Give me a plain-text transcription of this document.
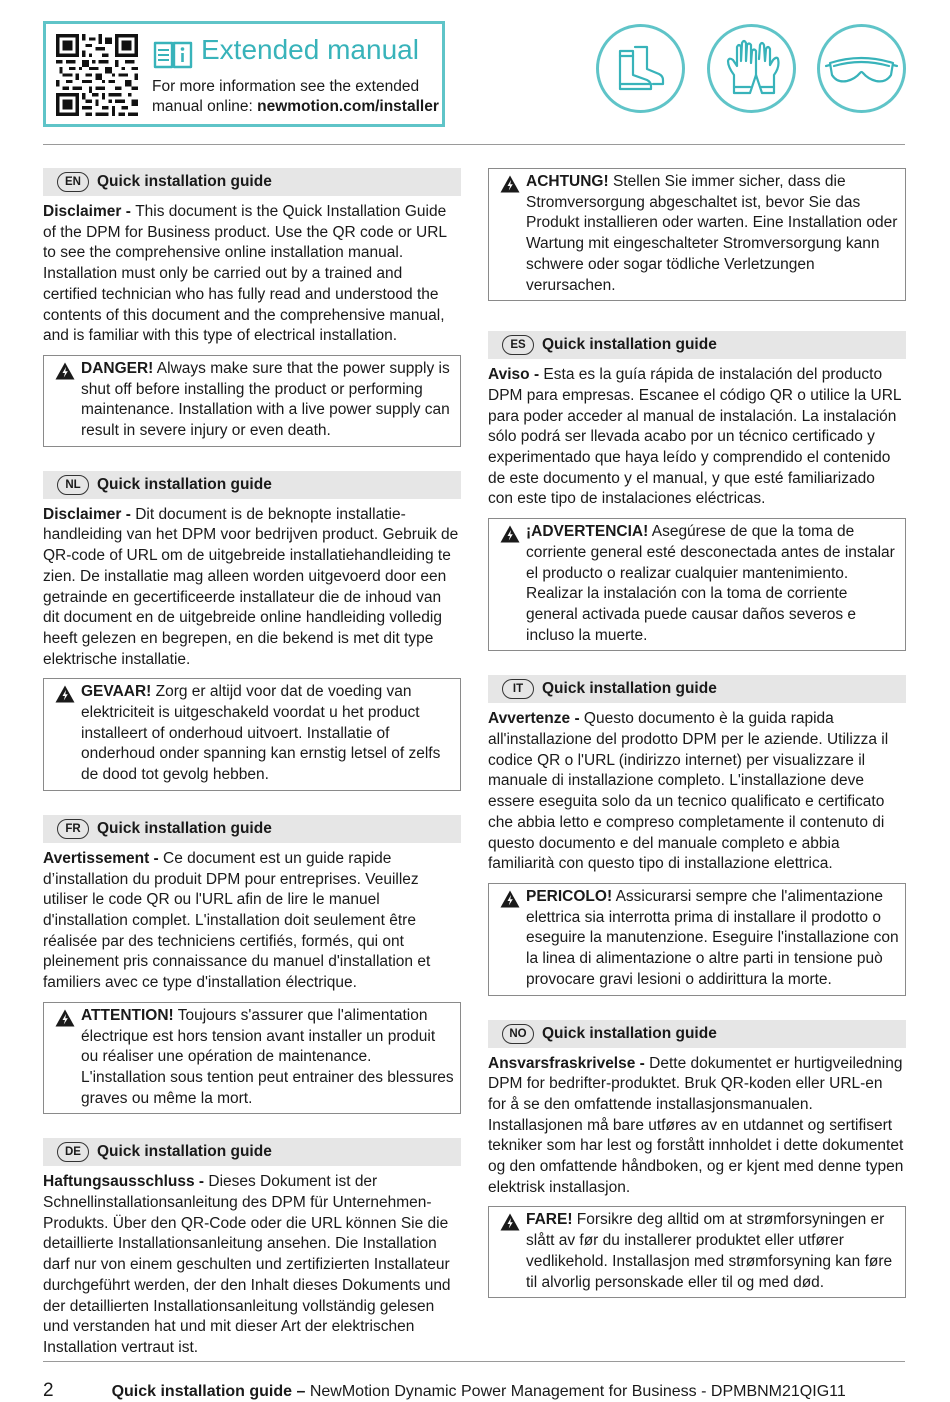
Extended manual
For more information see the extended
manual online: newmotion.com/installer
EN	Quick installation guide

Disclaimer - This document is the Quick Installation Guide of the DPM for Business product. Use the QR code or URL to see the comprehensive online installation manual. Installation must only be carried out by a trained and certified technician who has fully read and understood the contents of this document and the comprehensive manual, and is familiar with this type of electrical installation.

DANGER! Always make sure that the power supply is shut off before installing the product or performing maintenance. Installation with a live power supply can result in severe injury or even death.
NL	Quick installation guide

Disclaimer - Dit document is de beknopte installatie-handleiding van het DPM voor bedrijven product. Gebruik de QR-code of URL om de uitgebreide installatiehandleiding te zien. De installatie mag alleen worden uitgevoerd door een getrainde en gecertificeerde installateur die de inhoud van dit document en de uitgebreide online handleiding volledig heeft gelezen en begrepen, en die bekend is met dit type elektrische installatie.

GEVAAR! Zorg er altijd voor dat de voeding van elektriciteit is uitgeschakeld voordat u het product installeert of onderhoud uitvoert. Installatie of onderhoud onder spanning kan ernstig letsel of zelfs de dood tot gevolg hebben.
FR	Quick installation guide

Avertissement - Ce document est un guide rapide d’installation du produit DPM pour entreprises. Veuillez utiliser le code QR ou l'URL afin de lire le manuel d'installation complet. L'installation doit seulement être réalisée par des techniciens certifiés, formés, qui ont pleinement pris connaissance du manuel d'installation et familiers avec ce type d'installation électrique.

ATTENTION! Toujours s'assurer que l'alimentation électrique est hors tension avant installer un produit ou réaliser une opération de maintenance. L'installation sous tention peut entrainer des blessures graves ou même la mort.
DE	Quick installation guide

Haftungsausschluss - Dieses Dokument ist der Schnellinstallationsanleitung des DPM für Unternehmen-Produkts. Über den QR-Code oder die URL können Sie die detaillierte Installationsanleitung ansehen. Die Installation darf nur von einem geschulten und zertifizierten Installateur durchgeführt werden, der den Inhalt dieses Dokuments und der detaillierten Installationsanleitung vollständig gelesen und verstanden hat und mit dieser Art der elektrischen Installation vertraut ist.

ACHTUNG! Stellen Sie immer sicher, dass die Stromversorgung abgeschaltet ist, bevor Sie das Produkt installieren oder warten. Eine Installation oder Wartung mit eingeschalteter Stromversorgung kann schwere oder sogar tödliche Verletzungen verursachen.
ES	Quick installation guide

Aviso - Esta es la guía rápida de instalación del producto DPM para empresas. Escanee el código QR o utilice la URL para poder acceder al manual de instalación. La instalación sólo podrá ser llevada acabo por un técnico certificado y experimentado que haya leído y comprendido el contenido de este documento y el manual, y que esté familiarizado con este tipo de instalaciones eléctricas.

¡ADVERTENCIA! Asegúrese de que la toma de corriente general esté desconectada antes de instalar el producto o realizar cualquier mantenimiento. Realizar la instalación con la toma de corriente general activada puede causar daños severos e incluso la muerte.
IT	Quick installation guide

Avvertenze - Questo documento è la guida rapida all'installazione del prodotto DPM per le aziende. Utilizza il codice QR o l'URL (indirizzo internet) per visualizzare il manuale di installazione completo. L'installazione deve essere eseguita solo da un tecnico qualificato e certificato che abbia letto e compreso completamente il contenuto di questo documento e del manuale completo e abbia familiarità con questo tipo di installazione elettrica.

PERICOLO! Assicurarsi sempre che l'alimentazione elettrica sia interrotta prima di installare il prodotto o eseguire la manutenzione. Eseguire l'installazione con la linea di alimentazione o altre parti in tensione può provocare gravi lesioni o addirittura la morte.
NO Quick installation guide

Ansvarsfraskrivelse - Dette dokumentet er hurtigveiledning DPM for bedrifter-produktet. Bruk QR-koden eller URL-en for å se den omfattende installasjonsmanualen. Installasjonen må bare utføres av en utdannet og sertifisert tekniker som har lest og forstått innholdet i dette dokumentet og den omfattende håndboken, og er kjent med denne typen elektrisk installasjon.

FARE! Forsikre deg alltid om at strømforsyningen er slått av før du installerer produktet eller utfører vedlikehold. Installasjon med strømforsyning kan føre til alvorlig personskade eller til og med død.
2	Quick installation guide – NewMotion Dynamic Power Management for Business - DPMBNM21QIG11
